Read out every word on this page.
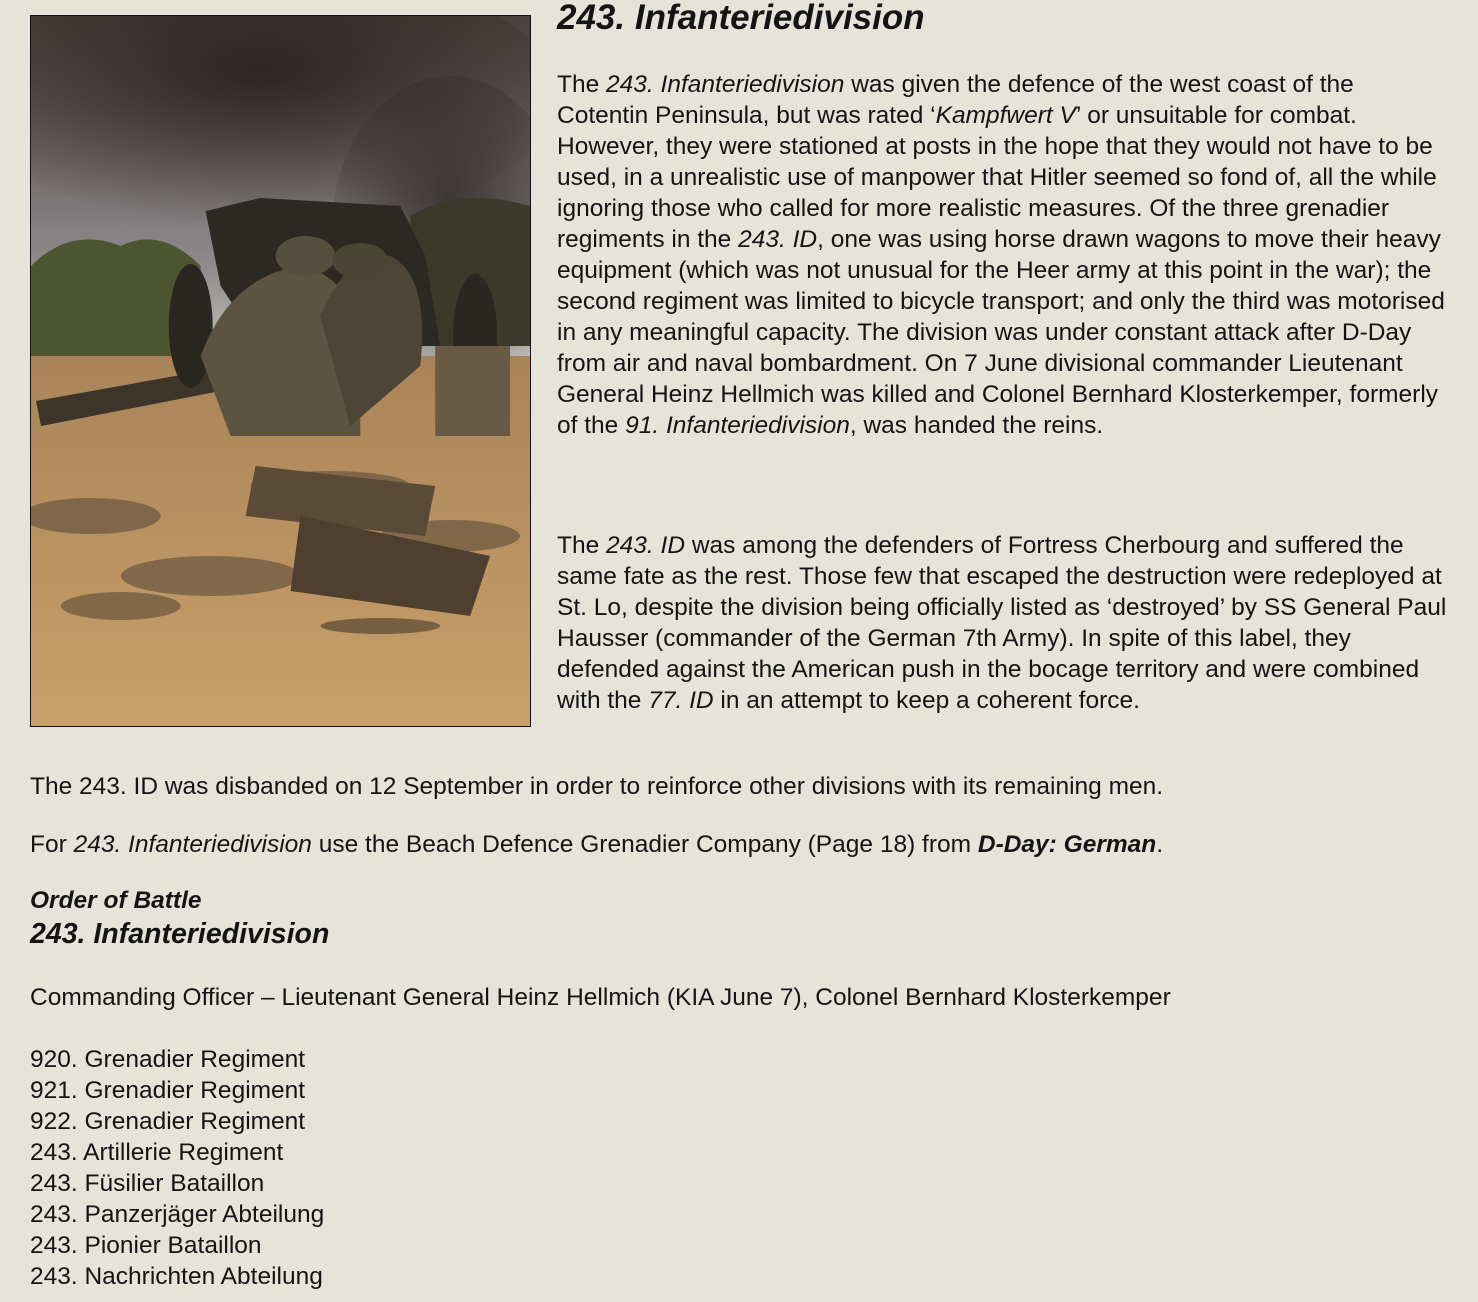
243. Infanteriedivision

The 243. Infanteriedivision was given the defence of the west coast of the Cotentin Peninsula, but was rated ‘Kampfwert V’ or unsuitable for combat. However, they were stationed at posts in the hope that they would not have to be used, in a unrealistic use of manpower that Hitler seemed so fond of, all the while ignoring those who called for more realistic measures. Of the three grenadier regiments in the 243. ID, one was using horse drawn wagons to move their heavy equipment (which was not unusual for the Heer army at this point in the war); the second regiment was limited to bicycle transport; and only the third was motorised in any meaningful capacity. The division was under constant attack after D-Day from air and naval bombardment. On 7 June divisional commander Lieutenant General Heinz Hellmich was killed and Colonel Bernhard Klosterkemper, formerly of the 91. Infanteriedivision, was handed the reins.

The 243. ID was among the defenders of Fortress Cherbourg and suffered the same fate as the rest. Those few that escaped the destruction were redeployed at St. Lo, despite the division being officially listed as ‘destroyed’ by SS General Paul Hausser (commander of the German 7th Army). In spite of this label, they defended against the American push in the bocage territory and were combined with the 77. ID in an attempt to keep a coherent force.

The 243. ID was disbanded on 12 September in order to reinforce other divisions with its remaining men.

For 243. Infanteriedivision use the Beach Defence Grenadier Company (Page 18) from D-Day: German.

Order of Battle

243. Infanteriedivision

Commanding Officer – Lieutenant General Heinz Hellmich (KIA June 7), Colonel Bernhard Klosterkemper

920. Grenadier Regiment
921. Grenadier Regiment
922. Grenadier Regiment
243. Artillerie Regiment
243. Füsilier Bataillon
243. Panzerjäger Abteilung
243. Pionier Bataillon
243. Nachrichten Abteilung
